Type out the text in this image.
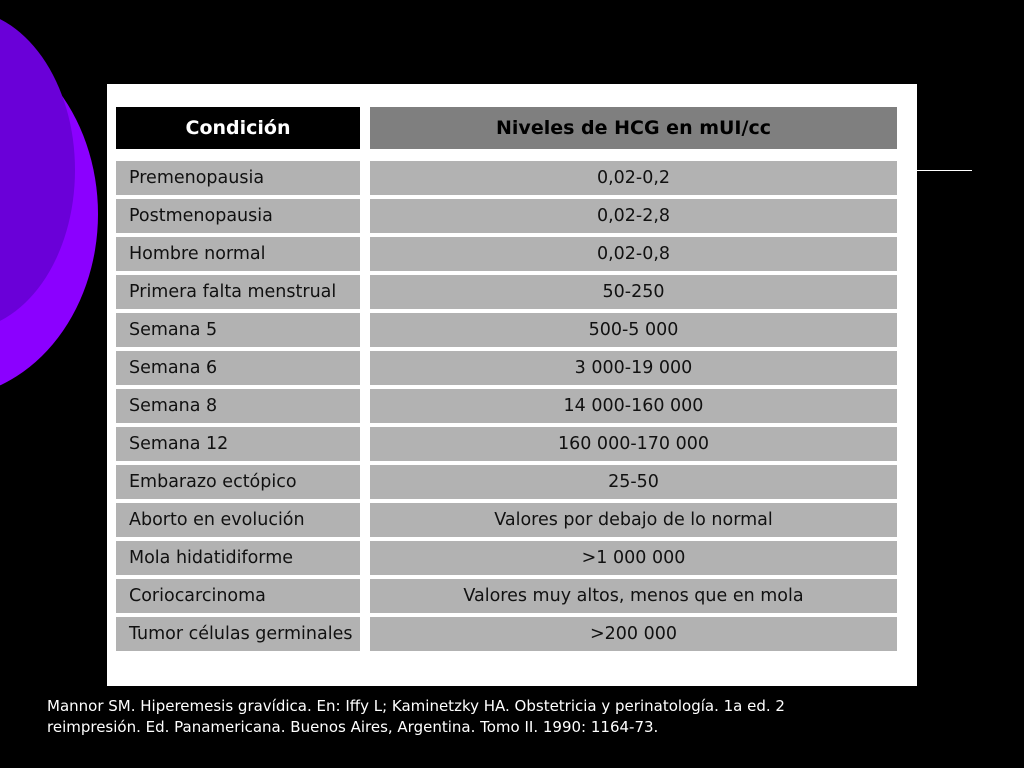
Condición		Niveles de HCG en mUI/cc

Premenopausia		0,02-0,2
Postmenopausia		0,02-2,8
Hombre normal		0,02-0,8
Primera falta menstrual		50-250
Semana 5		500-5 000
Semana 6		3 000-19 000
Semana 8		14 000-160 000
Semana 12		160 000-170 000
Embarazo ectópico		25-50
Aborto en evolución		Valores por debajo de lo normal
Mola hidatidiforme		>1 000 000
Coriocarcinoma		Valores muy altos, menos que en mola
Tumor células germinales		>200 000
Mannor SM. Hiperemesis gravídica. En: Iffy L; Kaminetzky HA. Obstetricia y perinatología. 1a ed. 2
reimpresión. Ed. Panamericana. Buenos Aires, Argentina. Tomo II. 1990: 1164-73.
